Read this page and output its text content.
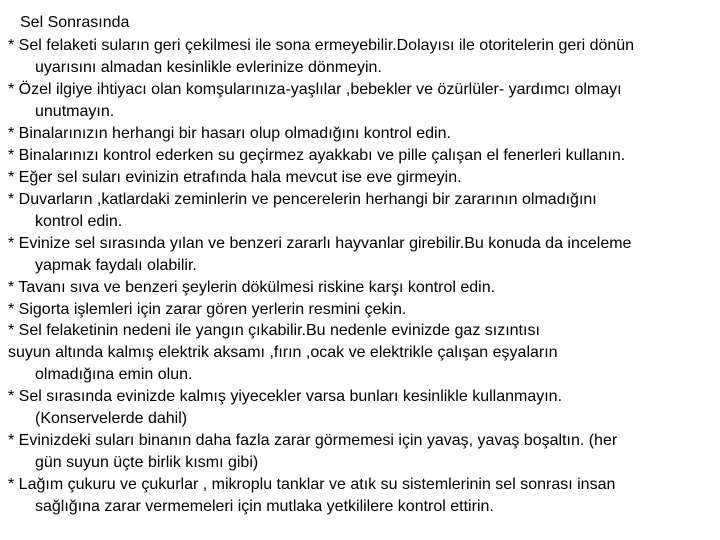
Sel Sonrasında
* Sel felaketi suların geri çekilmesi ile sona ermeyebilir.Dolayısı ile otoritelerin geri dönün
uyarısını almadan kesinlikle evlerinize dönmeyin.
* Özel ilgiye ihtiyacı olan komşularınıza-yaşlılar ,bebekler ve özürlüler- yardımcı olmayı
unutmayın.
* Binalarınızın herhangi bir hasarı olup olmadığını kontrol edin.
* Binalarınızı kontrol ederken su geçirmez ayakkabı ve pille çalışan el fenerleri kullanın.
* Eğer sel suları evinizin etrafında hala mevcut ise eve girmeyin.
* Duvarların ,katlardaki zeminlerin ve pencerelerin herhangi bir zararının olmadığını
kontrol edin.
* Evinize sel sırasında yılan ve benzeri zararlı hayvanlar girebilir.Bu konuda da inceleme
yapmak faydalı olabilir.
* Tavanı sıva ve benzeri şeylerin dökülmesi riskine karşı kontrol edin.
* Sigorta işlemleri için zarar gören yerlerin resmini çekin.
* Sel felaketinin nedeni ile yangın çıkabilir.Bu nedenle evinizde gaz sızıntısı
suyun altında kalmış elektrik aksamı ,fırın ,ocak ve elektrikle çalışan eşyaların
olmadığına emin olun.
* Sel sırasında evinizde kalmış yiyecekler varsa bunları kesinlikle kullanmayın.
(Konservelerde dahil)
* Evinizdeki suları binanın daha fazla zarar görmemesi için yavaş, yavaş boşaltın. (her
gün suyun üçte birlik kısmı gibi)
* Lağım çukuru ve çukurlar , mikroplu tanklar ve atık su sistemlerinin sel sonrası insan
sağlığına zarar vermemeleri için mutlaka yetkililere kontrol ettirin.
